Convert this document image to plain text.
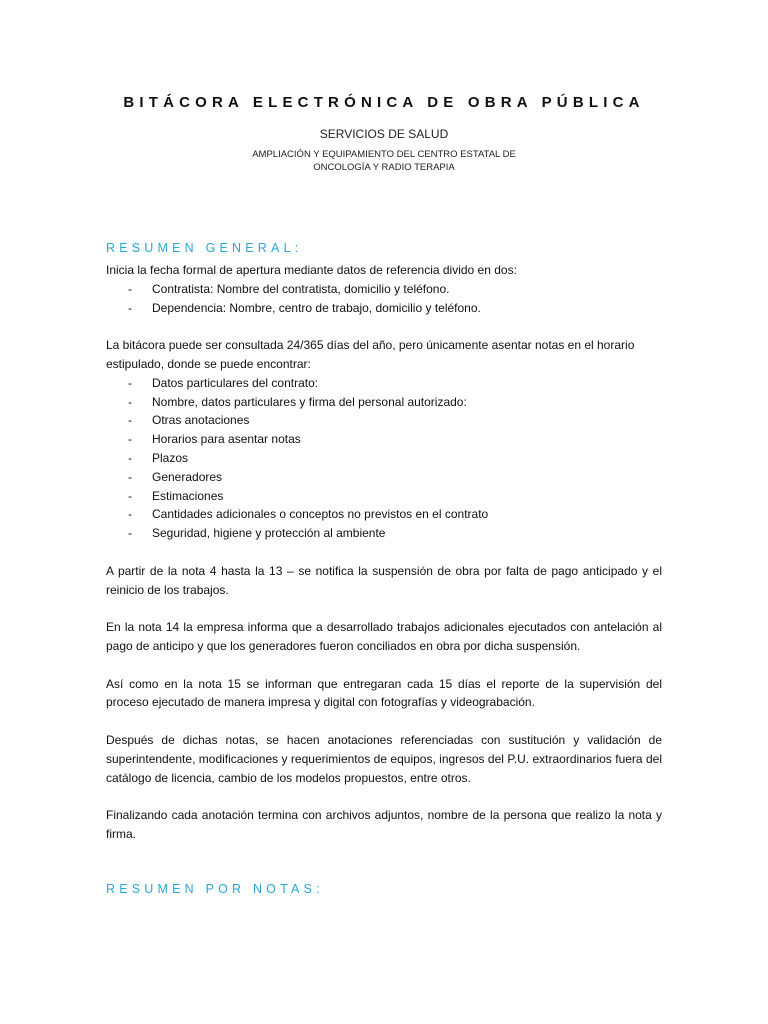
BITÁCORA ELECTRÓNICA DE OBRA PÚBLICA
SERVICIOS DE SALUD
AMPLIACIÓN Y EQUIPAMIENTO DEL CENTRO ESTATAL DE
ONCOLOGÍA Y RADIO TERAPIA
RESUMEN GENERAL:

Inicia la fecha formal de apertura mediante datos de referencia divido en dos:

- Contratista: Nombre del contratista, domicilio y teléfono.
- Dependencia: Nombre, centro de trabajo, domicilio y teléfono.

La bitácora puede ser consultada 24/365 días del año, pero únicamente asentar notas en el horario estipulado, donde se puede encontrar:

- Datos particulares del contrato:
- Nombre, datos particulares y firma del personal autorizado:
- Otras anotaciones
- Horarios para asentar notas
- Plazos
- Generadores
- Estimaciones
- Cantidades adicionales o conceptos no previstos en el contrato
- Seguridad, higiene y protección al ambiente

A partir de la nota 4 hasta la 13 – se notifica la suspensión de obra por falta de pago anticipado y el reinicio de los trabajos.

En la nota 14 la empresa informa que a desarrollado trabajos adicionales ejecutados con antelación al pago de anticipo y que los generadores fueron conciliados en obra por dicha suspensión.

Así como en la nota 15 se informan que entregaran cada 15 días el reporte de la supervisión del proceso ejecutado de manera impresa y digital con fotografías y videograbación.

Después de dichas notas, se hacen anotaciones referenciadas con sustitución y validación de superintendente, modificaciones y requerimientos de equipos, ingresos del P.U. extraordinarios fuera del catálogo de licencia, cambio de los modelos propuestos, entre otros.

Finalizando cada anotación termina con archivos adjuntos, nombre de la persona que realizo la nota y firma.

RESUMEN POR NOTAS:
